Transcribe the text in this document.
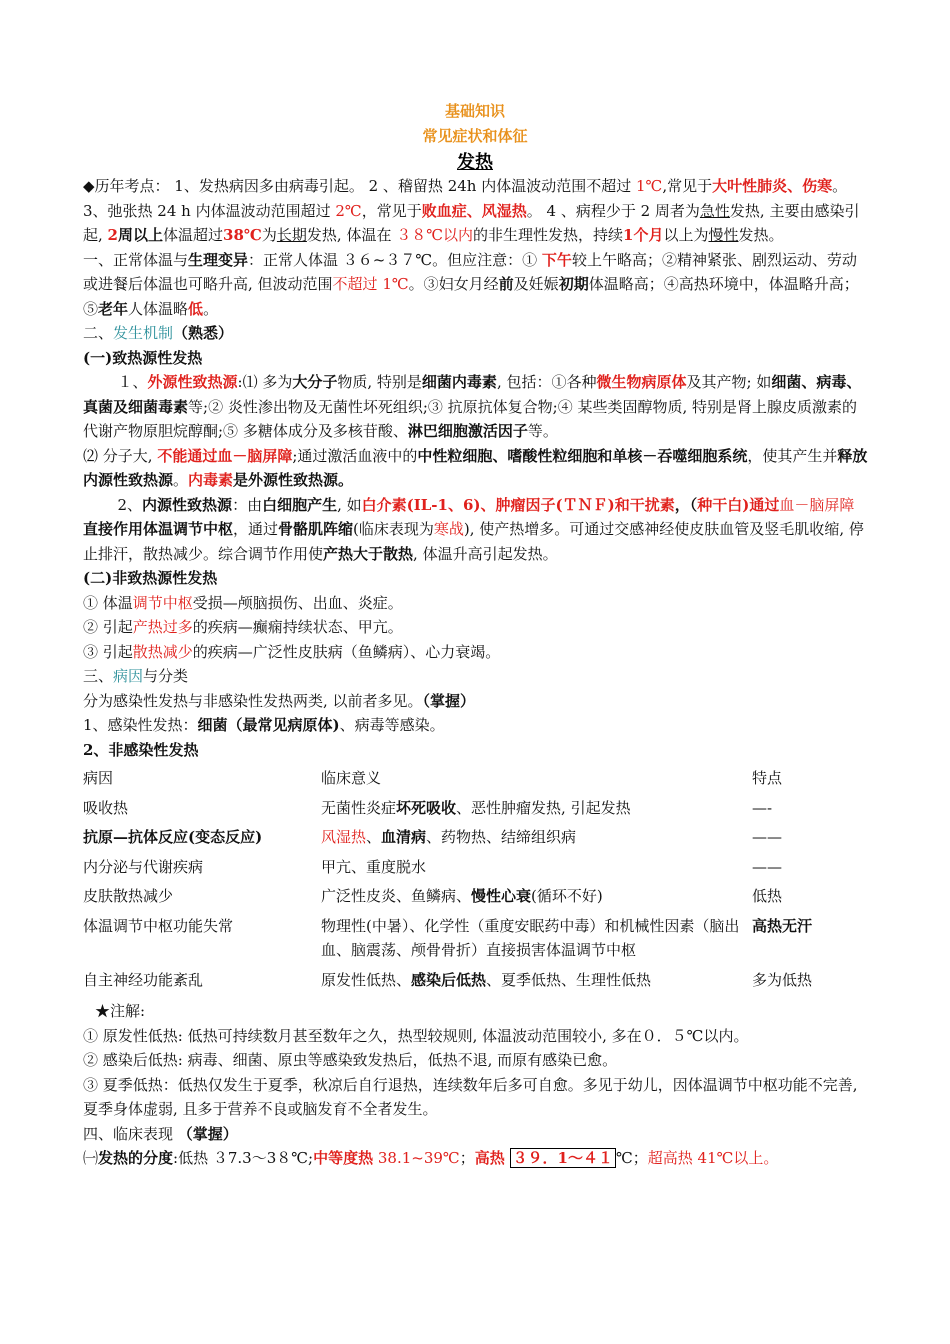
基础知识
常见症状和体征
发热

◆历年考点： 1、发热病因多由病毒引起。 2 、稽留热 24h 内体温波动范围不超过 1℃,常见于大叶性肺炎、伤寒。3、弛张热 24 h 内体温波动范围超过 2℃，常见于败血症、风湿热。 4 、病程少于 2 周者为急性发热, 主要由感染引起, 2周以上体温超过38℃为长期发热, 体温在 ３８℃以内的非生理性发热，持续1个月以上为慢性发热。

一、正常体温与生理变异：正常人体温 ３６~３７℃。但应注意：① 下午较上午略高；②精神紧张、剧烈运动、劳动或进餐后体温也可略升高, 但波动范围不超过 1℃。③妇女月经前及妊娠初期体温略高；④高热环境中，体温略升高；⑤老年人体温略低。

二、发生机制（熟悉）

(一)致热源性发热

１、外源性致热源:⑴ 多为大分子物质, 特别是细菌内毒素, 包括：①各种微生物病原体及其产物; 如细菌、病毒、真菌及细菌毒素等;② 炎性渗出物及无菌性坏死组织;③ 抗原抗体复合物;④ 某些类固醇物质, 特别是肾上腺皮质激素的代谢产物原胆烷醇酮;⑤ 多糖体成分及多核苷酸、淋巴细胞激活因子等。

⑵ 分子大, 不能通过血－脑屏障;通过激活血液中的中性粒细胞、嗜酸性粒细胞和单核－吞噬细胞系统，使其产生并释放内源性致热源。内毒素是外源性致热源。

2、内源性致热源：由白细胞产生, 如白介素(IL-1、6)、肿瘤因子(ＴＮＦ)和干扰素，（种干白)通过血－脑屏障直接作用体温调节中枢，通过骨骼肌阵缩(临床表现为寒战), 使产热增多。可通过交感神经使皮肤血管及竖毛肌收缩, 停止排汗，散热减少。综合调节作用使产热大于散热, 体温升高引起发热。

(二)非致热源性发热

① 体温调节中枢受损—颅脑损伤、出血、炎症。

② 引起产热过多的疾病—癫痫持续状态、甲亢。

③ 引起散热减少的疾病—广泛性皮肤病（鱼鳞病）、心力衰竭。

三、病因与分类

分为感染性发热与非感染性发热两类, 以前者多见。（掌握）

1、感染性发热：细菌（最常见病原体)、病毒等感染。

2、非感染性发热

病因	临床意义	特点
吸收热	无菌性炎症坏死吸收、恶性肿瘤发热, 引起发热	—-
抗原—抗体反应(变态反应)	风湿热、血清病、药物热、结缔组织病	——
内分泌与代谢疾病	甲亢、重度脱水	——
皮肤散热减少	广泛性皮炎、鱼鳞病、慢性心衰(循环不好)	低热
体温调节中枢功能失常	物理性(中暑）、化学性（重度安眠药中毒）和机械性因素（脑出血、脑震荡、颅骨骨折）直接损害体温调节中枢	高热无汗
自主神经功能紊乱	原发性低热、感染后低热、夏季低热、生理性低热	多为低热

★注解:

① 原发性低热: 低热可持续数月甚至数年之久，热型较规则, 体温波动范围较小, 多在０．５℃以内。

② 感染后低热: 病毒、细菌、原虫等感染致发热后，低热不退, 而原有感染已愈。

③ 夏季低热：低热仅发生于夏季，秋凉后自行退热，连续数年后多可自愈。多见于幼儿，因体温调节中枢功能不完善, 夏季身体虚弱, 且多于营养不良或脑发育不全者发生。

四、临床表现 （掌握）

㈠发热的分度:低热 ３7.3～3８℃;中等度热 38.1~39℃；高热 ３９．1～４１ ℃；超高热 41℃以上。
